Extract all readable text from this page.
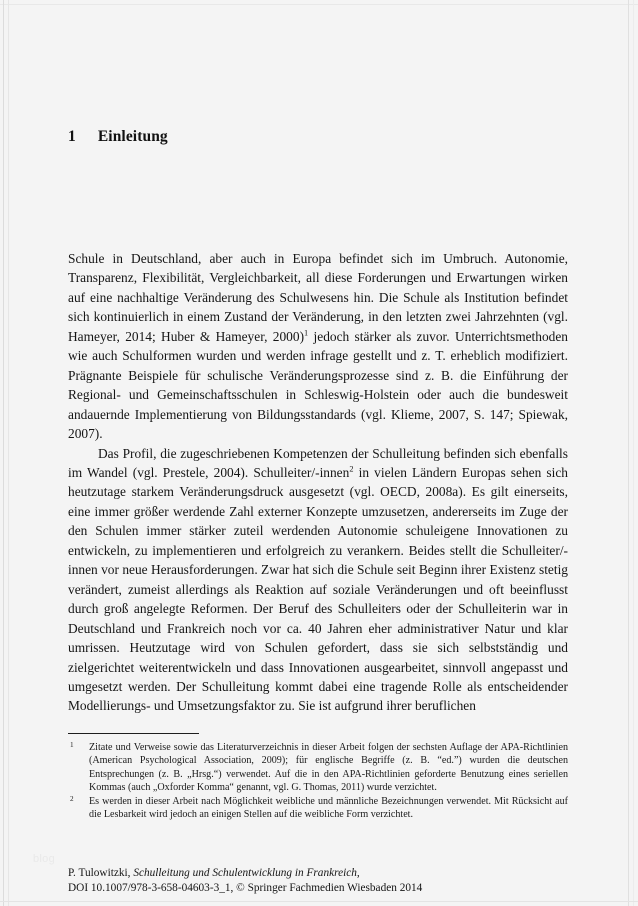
1 Einleitung

Schule in Deutschland, aber auch in Europa befindet sich im Umbruch. Autonomie, Transparenz, Flexibilität, Vergleichbarkeit, all diese Forderungen und Erwartungen wirken auf eine nachhaltige Veränderung des Schulwesens hin. Die Schule als Institution befindet sich kontinuierlich in einem Zustand der Veränderung, in den letzten zwei Jahrzehnten (vgl. Hameyer, 2014; Huber & Hameyer, 2000)$^1$ jedoch stärker als zuvor. Unterrichtsmethoden wie auch Schulformen wurden und werden infrage gestellt und z. T. erheblich modifiziert. Prägnante Beispiele für schulische Veränderungsprozesse sind z. B. die Einführung der Regional- und Gemeinschaftsschulen in Schleswig-Holstein oder auch die bundesweit andauernde Implementierung von Bildungsstandards (vgl. Klieme, 2007, S. 147; Spiewak, 2007).

Das Profil, die zugeschriebenen Kompetenzen der Schulleitung befinden sich ebenfalls im Wandel (vgl. Prestele, 2004). Schulleiter/-innen$^2$ in vielen Ländern Europas sehen sich heutzutage starkem Veränderungsdruck ausgesetzt (vgl. OECD, 2008a). Es gilt einerseits, eine immer größer werdende Zahl externer Konzepte umzusetzen, andererseits im Zuge der den Schulen immer stärker zuteil werdenden Autonomie schuleigene Innovationen zu entwickeln, zu implementieren und erfolgreich zu verankern. Beides stellt die Schulleiter/-innen vor neue Herausforderungen. Zwar hat sich die Schule seit Beginn ihrer Existenz stetig verändert, zumeist allerdings als Reaktion auf soziale Veränderungen und oft beeinflusst durch groß angelegte Reformen. Der Beruf des Schulleiters oder der Schulleiterin war in Deutschland und Frankreich noch vor ca. 40 Jahren eher administrativer Natur und klar umrissen. Heutzutage wird von Schulen gefordert, dass sie sich selbstständig und zielgerichtet weiterentwickeln und dass Innovationen ausgearbeitet, sinnvoll angepasst und umgesetzt werden. Der Schulleitung kommt dabei eine tragende Rolle als entscheidender Modellierungs- und Umsetzungsfaktor zu. Sie ist aufgrund ihrer beruflichen

1 Zitate und Verweise sowie das Literaturverzeichnis in dieser Arbeit folgen der sechsten Auflage der APA-Richtlinien (American Psychological Association, 2009); für englische Begriffe (z. B. “ed.”) wurden die deutschen Entsprechungen (z. B. „Hrsg.“) verwendet. Auf die in den APA-Richtlinien geforderte Benutzung eines seriellen Kommas (auch „Oxforder Komma“ genannt, vgl. G. Thomas, 2011) wurde verzichtet.
2 Es werden in dieser Arbeit nach Möglichkeit weibliche und männliche Bezeichnungen verwendet. Mit Rücksicht auf die Lesbarkeit wird jedoch an einigen Stellen auf die weibliche Form verzichtet.
blog
P. Tulowitzki, Schulleitung und Schulentwicklung in Frankreich,
DOI 10.1007/978-3-658-04603-3_1, © Springer Fachmedien Wiesbaden 2014
